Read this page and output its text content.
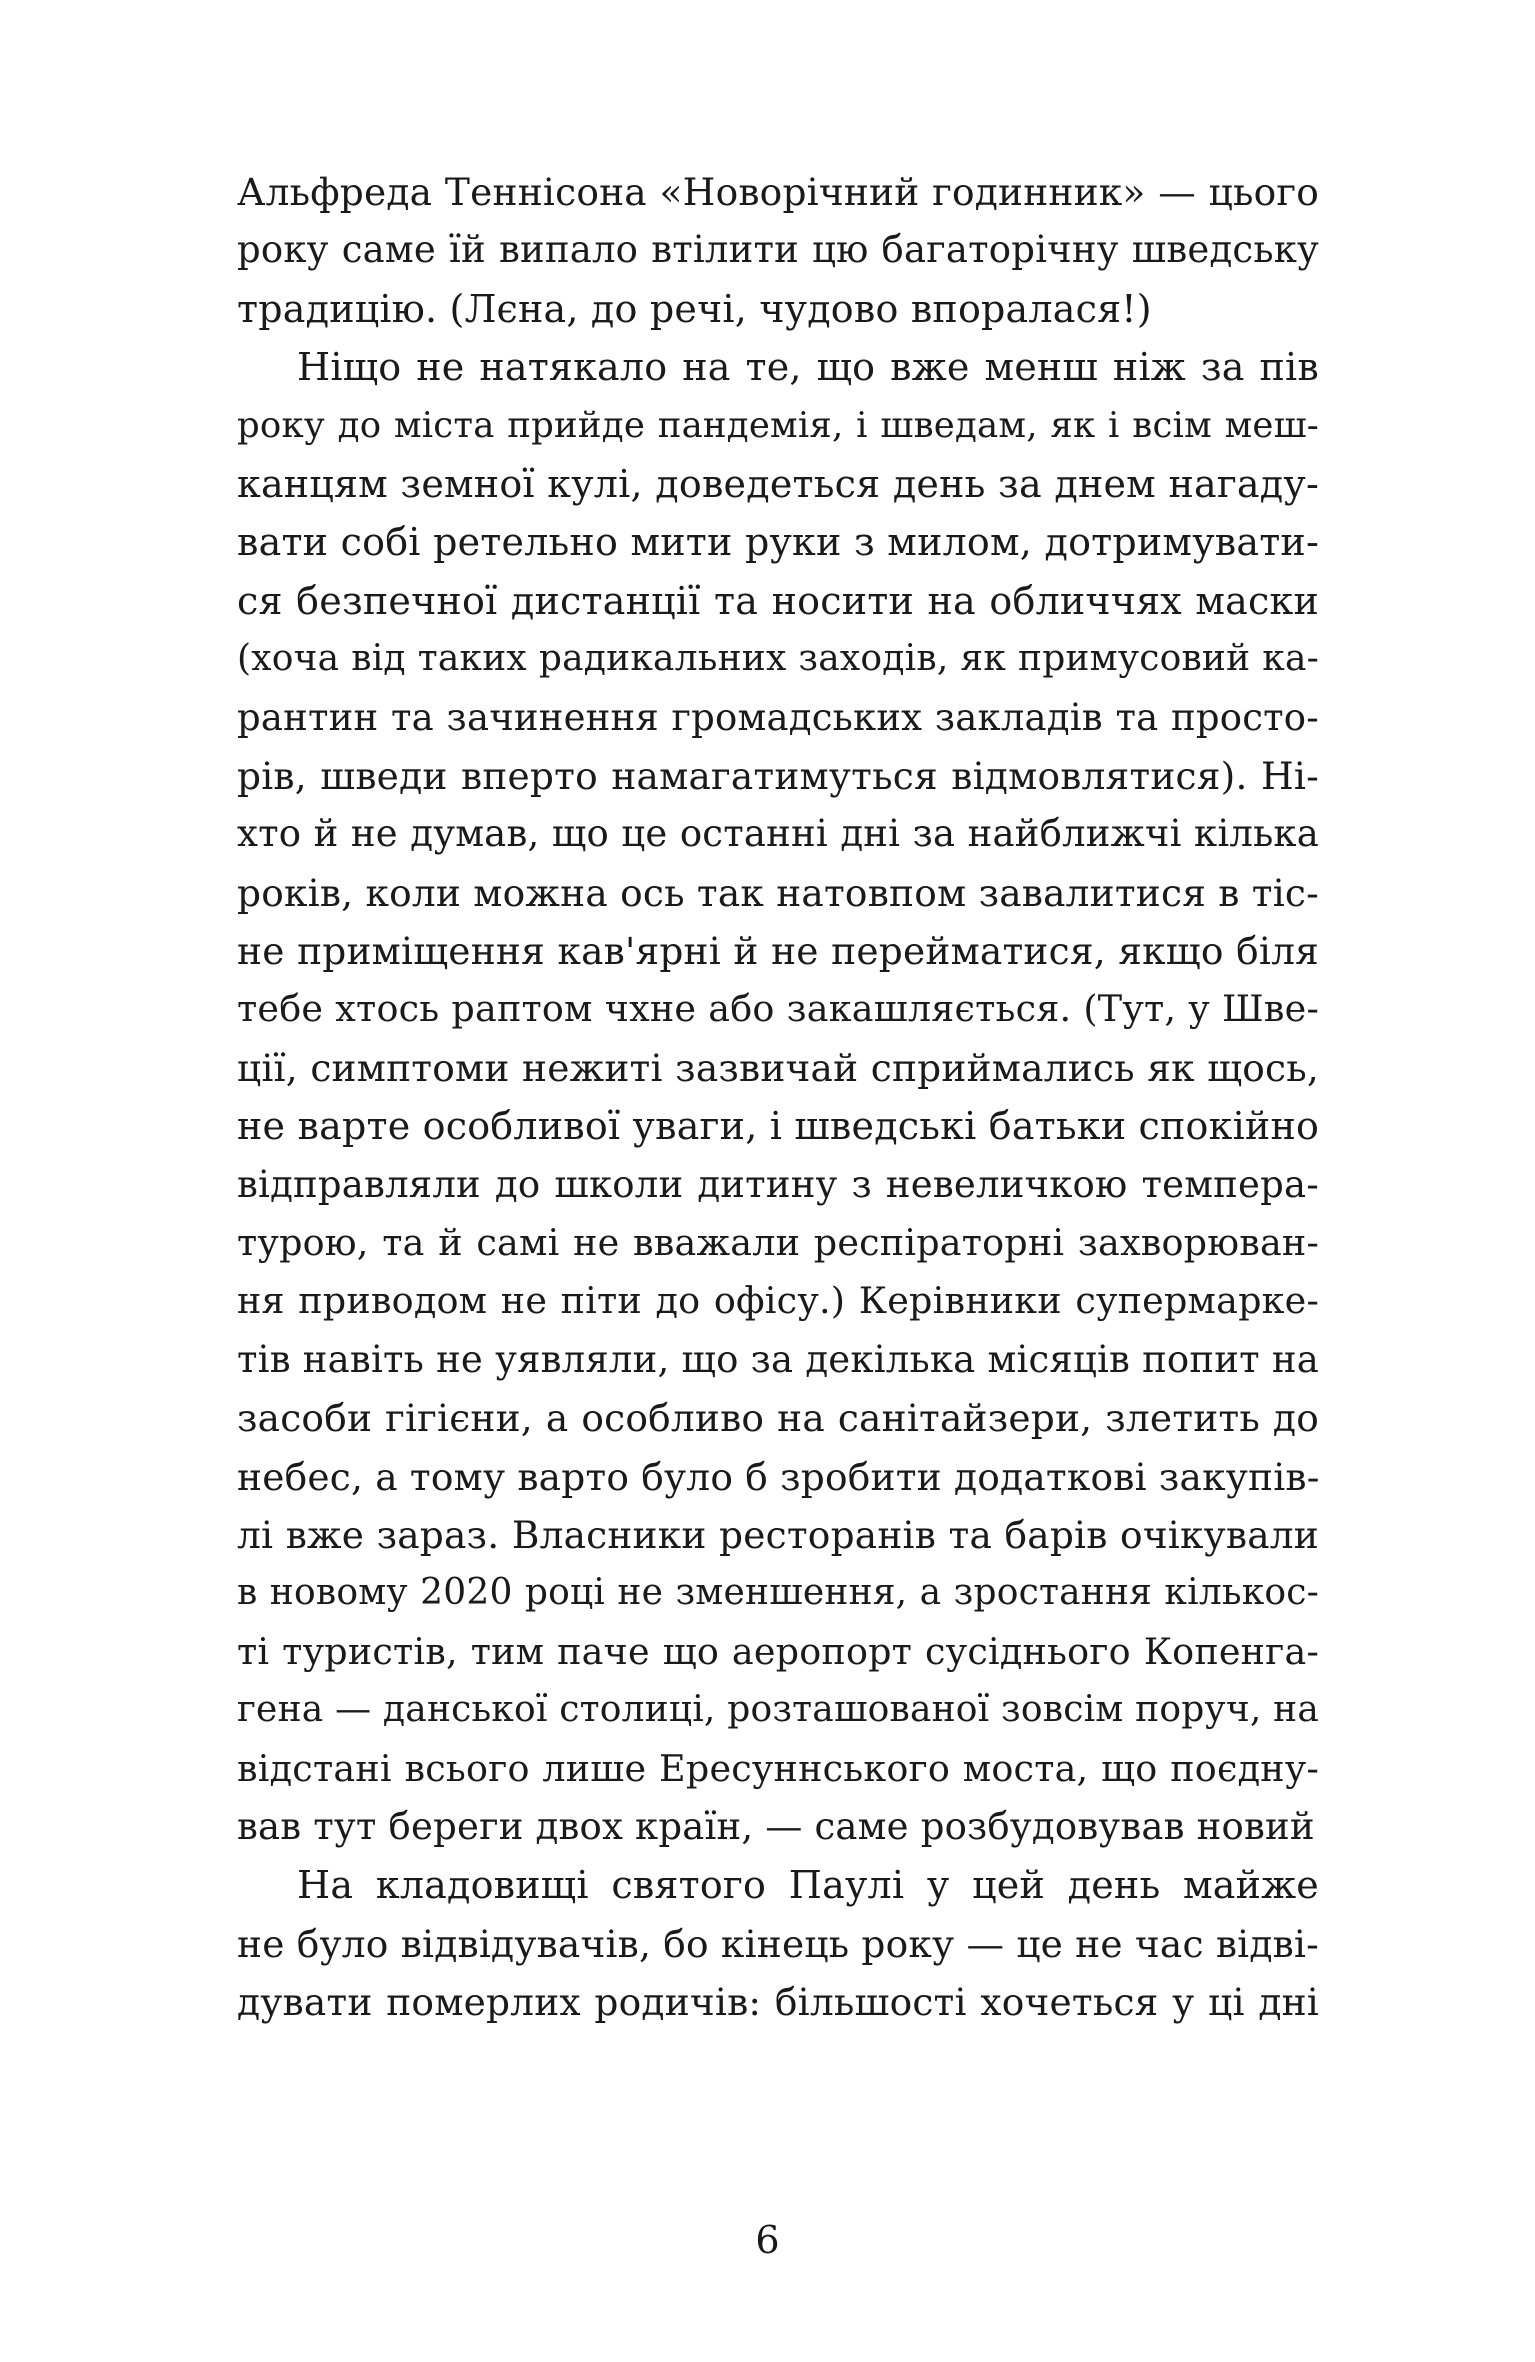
Альфреда Теннісона «Новорічний годинник» — цього
року саме їй випало втілити цю багаторічну шведську
традицію. (Лєна, до речі, чудово впоралася!)
Ніщо не натякало на те, що вже менш ніж за пів
року до міста прийде пандемія, і шведам, як і всім меш-
канцям земної кулі, доведеться день за днем нагаду-
вати собі ретельно мити руки з милом, дотримувати-
ся безпечної дистанції та носити на обличчях маски
(хоча від таких радикальних заходів, як примусовий ка-
рантин та зачинення громадських закладів та просто-
рів, шведи вперто намагатимуться відмовлятися). Ні-
хто й не думав, що це останні дні за найближчі кілька
років, коли можна ось так натовпом завалитися в тіс-
не приміщення кав'ярні й не перейматися, якщо біля
тебе хтось раптом чхне або закашляється. (Тут, у Шве-
ції, симптоми нежиті зазвичай сприймались як щось,
не варте особливої уваги, і шведські батьки спокійно
відправляли до школи дитину з невеличкою темпера-
турою, та й самі не вважали респіраторні захворюван-
ня приводом не піти до офісу.) Керівники супермарке-
тів навіть не уявляли, що за декілька місяців попит на
засоби гігієни, а особливо на санітайзери, злетить до
небес, а тому варто було б зробити додаткові закупів-
лі вже зараз. Власники ресторанів та барів очікували
в новому 2020 році не зменшення, а зростання кількос-
ті туристів, тим паче що аеропорт сусіднього Копенга-
гена — данської столиці, розташованої зовсім поруч, на
відстані всього лише Ересуннського моста, що поєдну-
вав тут береги двох країн, — саме розбудовував новий
На кладовищі святого Паулі у цей день майже
не було відвідувачів, бо кінець року — це не час відві-
дувати померлих родичів: більшості хочеться у ці дні
6
